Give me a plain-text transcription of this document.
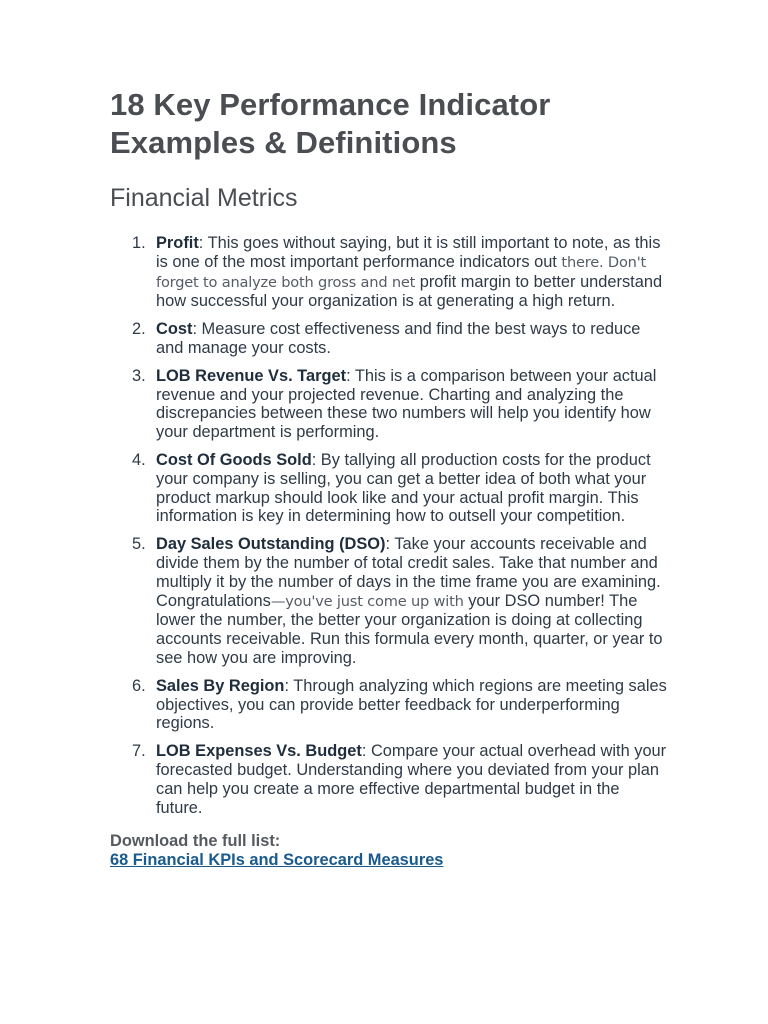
18 Key Performance Indicator
Examples & Definitions
Financial Metrics
1. Profit: This goes without saying, but it is still important to note, as this is one of the most important performance indicators out there. Don't forget to analyze both gross and net profit margin to better understand how successful your organization is at generating a high return.
2. Cost: Measure cost effectiveness and find the best ways to reduce and manage your costs.
3. LOB Revenue Vs. Target: This is a comparison between your actual revenue and your projected revenue. Charting and analyzing the discrepancies between these two numbers will help you identify how your department is performing.
4. Cost Of Goods Sold: By tallying all production costs for the product your company is selling, you can get a better idea of both what your product markup should look like and your actual profit margin. This information is key in determining how to outsell your competition.
5. Day Sales Outstanding (DSO): Take your accounts receivable and divide them by the number of total credit sales. Take that number and multiply it by the number of days in the time frame you are examining. Congratulations—you've just come up with your DSO number! The lower the number, the better your organization is doing at collecting accounts receivable. Run this formula every month, quarter, or year to see how you are improving.
6. Sales By Region: Through analyzing which regions are meeting sales objectives, you can provide better feedback for underperforming regions.
7. LOB Expenses Vs. Budget: Compare your actual overhead with your forecasted budget. Understanding where you deviated from your plan can help you create a more effective departmental budget in the future.
Download the full list:
68 Financial KPIs and Scorecard Measures
